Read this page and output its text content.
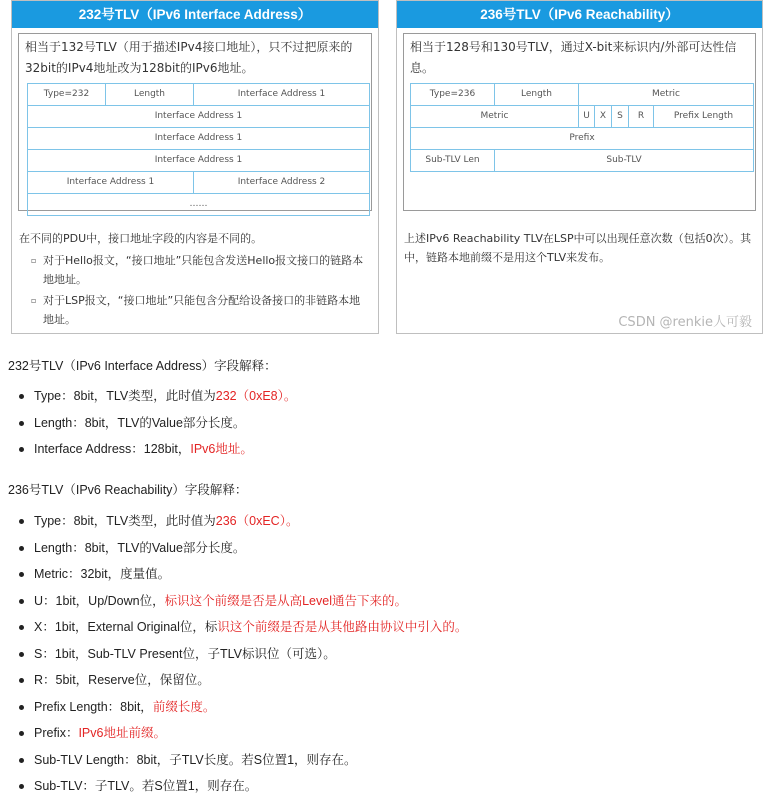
232号TLV（IPv6 Interface Address）
相当于132号TLV（用于描述IPv4接口地址），只不过把原来的32bit的IPv4地址改为128bit的IPv6地址。
Type=232	Length	Interface Address 1
Interface Address 1		
Interface Address 1		
Interface Address 1		
Interface Address 1		Interface Address 2
……		
在不同的PDU中，接口地址字段的内容是不同的。
▫ 对于Hello报文，“接口地址”只能包含发送Hello报文接口的链路本地地址。
▫ 对于LSP报文，“接口地址”只能包含分配给设备接口的非链路本地地址。
236号TLV（IPv6 Reachability）
相当于128号和130号TLV，通过X-bit来标识内/外部可达性信息。
Type=236	Length	Metric				
Metric		U	X	S	R	Prefix Length
Prefix						
Sub-TLV Len	Sub-TLV					
上述IPv6 Reachability TLV在LSP中可以出现任意次数（包括0次）。其中，链路本地前缀不是用这个TLV来发布。
CSDN @renkie人可毅
232号TLV（IPv6 Interface Address）字段解释：
Type：8bit，TLV类型，此时值为232（0xE8）。
Length：8bit，TLV的Value部分长度。
Interface Address：128bit，IPv6地址。
236号TLV（IPv6 Reachability）字段解释：
Type：8bit，TLV类型，此时值为236（0xEC）。
Length：8bit，TLV的Value部分长度。
Metric：32bit，度量值。
U：1bit，Up/Down位，标识这个前缀是否是从高Level通告下来的。
X：1bit，External Original位，标识这个前缀是否是从其他路由协议中引入的。
S：1bit，Sub-TLV Present位，子TLV标识位（可选）。
R：5bit，Reserve位，保留位。
Prefix Length：8bit，前缀长度。
Prefix：IPv6地址前缀。
Sub-TLV Length：8bit，子TLV长度。若S位置1，则存在。
Sub-TLV：子TLV。若S位置1，则存在。
